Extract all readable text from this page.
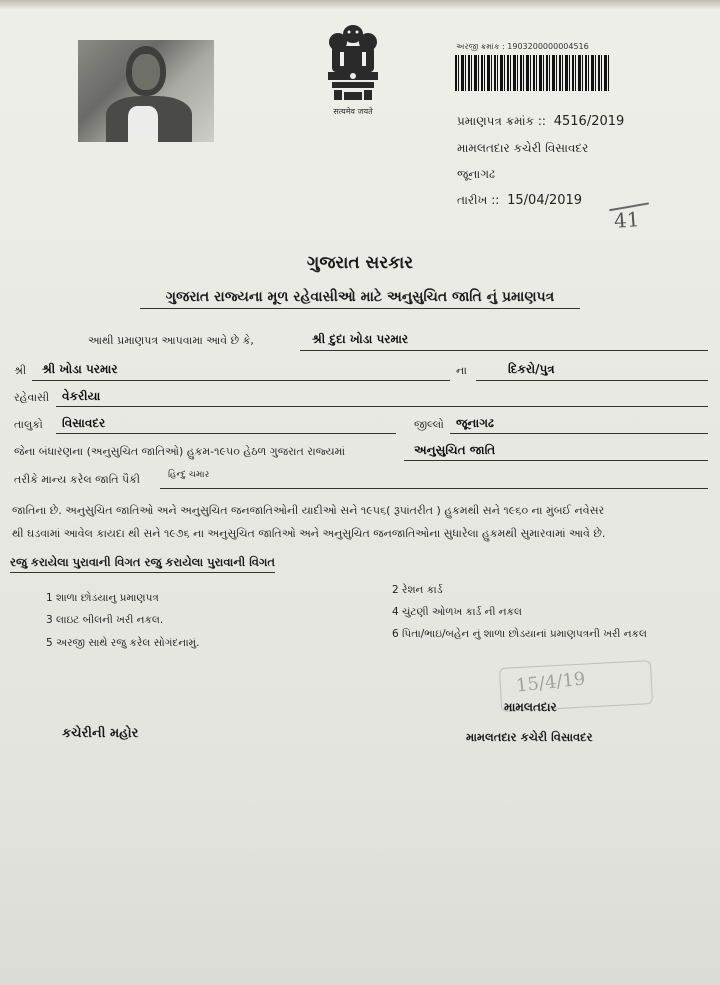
सत्यमेव जयते
અરજી ક્રમાંક : 1903200000004516
પ્રમાણપત્ર ક્રમાંક :: 4516/2019
મામલતદાર કચેરી વિસાવદર
જૂનાગઢ
તારીખ :: 15/04/2019
41
ગુજરાત સરકાર
ગુજરાત રાજ્યના મૂળ રહેવાસીઓ માટે અનુસુચિત જાતિ નું પ્રમાણપત્ર
આથી પ્રમાણપત્ર આપવામા આવે છે કે,	શ્રી દુદા ખોડા પરમાર
શ્રી શ્રી ખોડા પરમાર	ના	દિકરો/પુત્ર
રહેવાસી વેકરીયા
તાલુકો વિસાવદર	જીલ્લો જૂનાગઢ
જેના બંધારણના (અનુસુચિત જાતિઓ) હુકમ-૧૯૫૦ હેઠળ ગુજરાત રાજ્યમાં	અનુસુચિત જાતિ
તરીકે માન્ય કરેલ જાતિ પૈકી	હિન્દુ ચમાર
જાતિના છે. અનુસુચિત જાતિઓ અને અનુસુચિત જનજાતિઓની યાદીઓ સને ૧૯૫૬( રૂપાંતરીત ) હુકમથી સને ૧૯૬૦ ના મુંબઈ નવેસર
થી ઘડવામાં આવેલ કાયદા થી સને ૧૯૭૬ ના અનુસુચિત જાતિઓ અને અનુસુચિત જનજાતિઓના સુધારેલા હુકમથી સુમારવામાં આવે છે.
રજુ કરાયેલા પુરાવાની વિગત રજુ કરાયેલા પુરાવાની વિગત
1 શાળા છોડયાનુ પ્રમાણપત્ર
2 રેશન કાર્ડ
3 લાઇટ બીલની ખરી નકલ.
4 ચુંટણી ઓળખ કાર્ડ ની નકલ
5 અરજી સાથે રજુ કરેલ સોગંદનામું.
6 પિતા/ભાઇ/બહેન નું શાળા છોડયાનાં પ્રમાણપત્રની ખરી નકલ
15/4/19
મામલતદાર
મામલતદાર કચેરી વિસાવદર
કચેરીની મહોર
